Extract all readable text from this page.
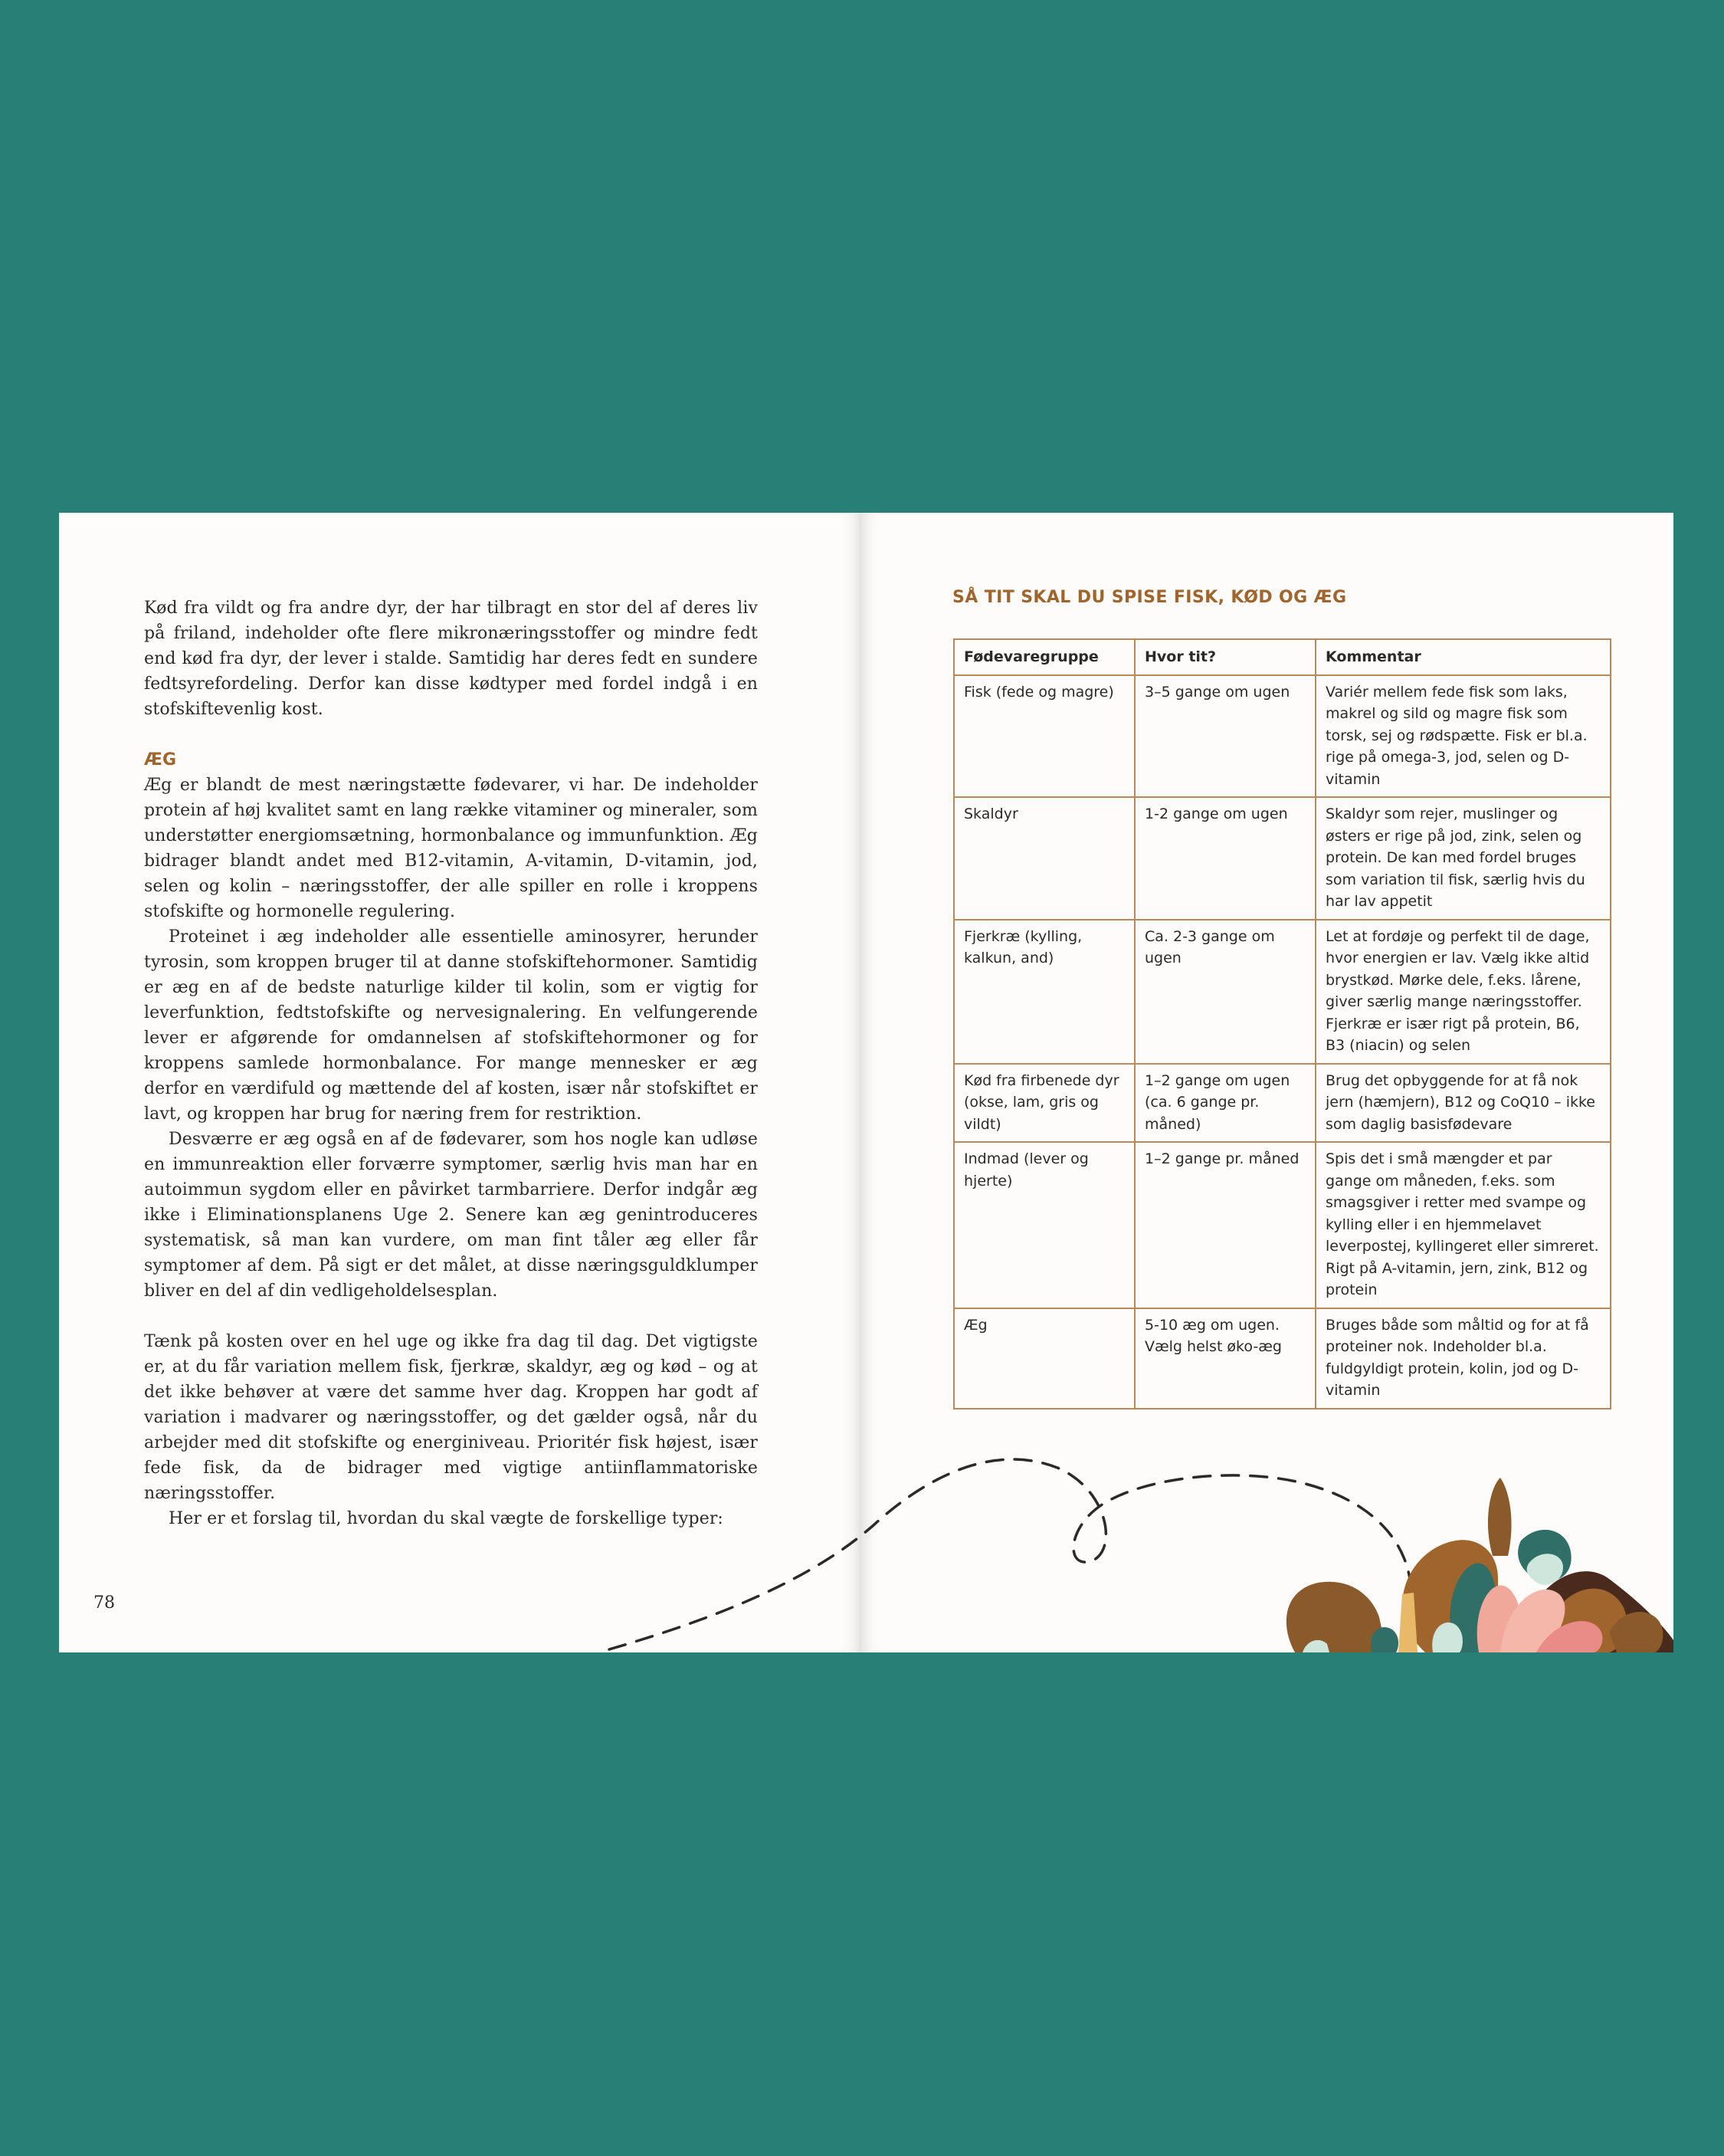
Kød fra vildt og fra andre dyr, der har tilbragt en stor del af deres liv på friland, indeholder ofte flere mikronæringsstoffer og mindre fedt end kød fra dyr, der lever i stalde. Samtidig har deres fedt en sundere fedtsyrefordeling. Derfor kan disse kødtyper med fordel indgå i en stofskiftevenlig kost.

ÆG

Æg er blandt de mest næringstætte fødevarer, vi har. De indeholder protein af høj kvalitet samt en lang række vitaminer og mineraler, som understøtter energiomsætning, hormonbalance og immunfunktion. Æg bidrager blandt andet med B12-vitamin, A-vitamin, D-vitamin, jod, selen og kolin – næringsstoffer, der alle spiller en rolle i kroppens stofskifte og hormonelle regulering.

Proteinet i æg indeholder alle essentielle aminosyrer, herunder tyrosin, som kroppen bruger til at danne stofskiftehormoner. Samtidig er æg en af de bedste naturlige kilder til kolin, som er vigtig for leverfunktion, fedtstofskifte og nervesignalering. En velfungerende lever er afgørende for omdannelsen af stofskiftehormoner og for kroppens samlede hormonbalance. For mange mennesker er æg derfor en værdifuld og mættende del af kosten, især når stofskiftet er lavt, og kroppen har brug for næring frem for restriktion.

Desværre er æg også en af de fødevarer, som hos nogle kan udløse en immunreaktion eller forværre symptomer, særlig hvis man har en autoimmun sygdom eller en påvirket tarmbarriere. Derfor indgår æg ikke i Eliminationsplanens Uge 2. Senere kan æg genintroduceres systematisk, så man kan vurdere, om man fint tåler æg eller får symptomer af dem. På sigt er det målet, at disse næringsguldklumper bliver en del af din vedligeholdelsesplan.

Tænk på kosten over en hel uge og ikke fra dag til dag. Det vigtigste er, at du får variation mellem fisk, fjerkræ, skaldyr, æg og kød – og at det ikke behøver at være det samme hver dag. Kroppen har godt af variation i madvarer og næringsstoffer, og det gælder også, når du arbejder med dit stofskifte og energiniveau. Prioritér fisk højest, især fede fisk, da de bidrager med vigtige antiinflammatoriske næringsstoffer.

Her er et forslag til, hvordan du skal vægte de forskellige typer:

78
SÅ TIT SKAL DU SPISE FISK, KØD OG ÆG
Fødevaregruppe	Hvor tit?	Kommentar
Fisk (fede og magre)	3–5 gange om ugen	Variér mellem fede fisk som laks, makrel og sild og magre fisk som torsk, sej og rødspætte. Fisk er bl.a. rige på omega-3, jod, selen og D-vitamin
Skaldyr	1-2 gange om ugen	Skaldyr som rejer, muslinger og østers er rige på jod, zink, selen og protein. De kan med fordel bruges som variation til fisk, særlig hvis du har lav appetit
Fjerkræ (kylling, kalkun, and)	Ca. 2-3 gange om ugen	Let at fordøje og perfekt til de dage, hvor energien er lav. Vælg ikke altid brystkød. Mørke dele, f.eks. lårene, giver særlig mange næringsstoffer. Fjerkræ er især rigt på protein, B6, B3 (niacin) og selen
Kød fra firbenede dyr (okse, lam, gris og vildt)	1–2 gange om ugen (ca. 6 gange pr. måned)	Brug det opbyggende for at få nok jern (hæmjern), B12 og CoQ10 – ikke som daglig basisfødevare
Indmad (lever og hjerte)	1–2 gange pr. måned	Spis det i små mængder et par gange om måneden, f.eks. som smagsgiver i retter med svampe og kylling eller i en hjemmelavet leverpostej, kyllingeret eller simreret. Rigt på A-vitamin, jern, zink, B12 og protein
Æg	5-10 æg om ugen. Vælg helst øko-æg	Bruges både som måltid og for at få proteiner nok. Indeholder bl.a. fuldgyldigt protein, kolin, jod og D-vitamin
